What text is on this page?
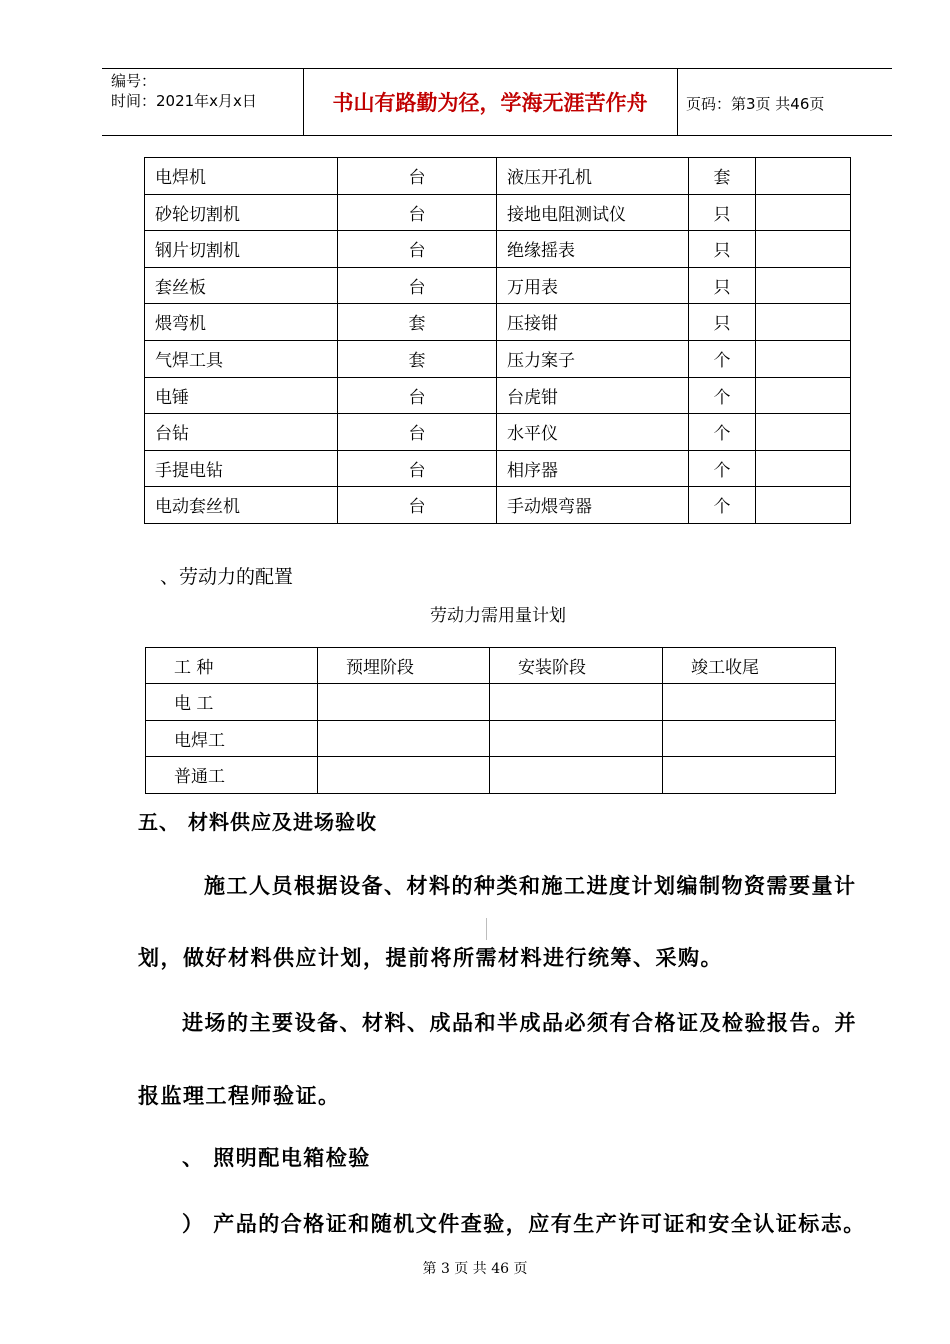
编号：
时间：2021年x月x日	书山有路勤为径，学海无涯苦作舟	页码：第3页 共46页
电焊机	台	液压开孔机	套	
砂轮切割机	台	接地电阻测试仪	只	
钢片切割机	台	绝缘摇表	只	
套丝板	台	万用表	只	
煨弯机	套	压接钳	只	
气焊工具	套	压力案子	个	
电锤	台	台虎钳	个	
台钻	台	水平仪	个	
手提电钻	台	相序器	个	
电动套丝机	台	手动煨弯器	个	
、劳动力的配置
劳动力需用量计划
工 种	预埋阶段	安装阶段	竣工收尾
电 工			
电焊工			
普通工			
五、 材料供应及进场验收
施工人员根据设备、材料的种类和施工进度计划编制物资需要量计
划，做好材料供应计划，提前将所需材料进行统筹、采购。
进场的主要设备、材料、成品和半成品必须有合格证及检验报告。并
报监理工程师验证。
、 照明配电箱检验
） 产品的合格证和随机文件查验，应有生产许可证和安全认证标志。
第 3 页 共 46 页
